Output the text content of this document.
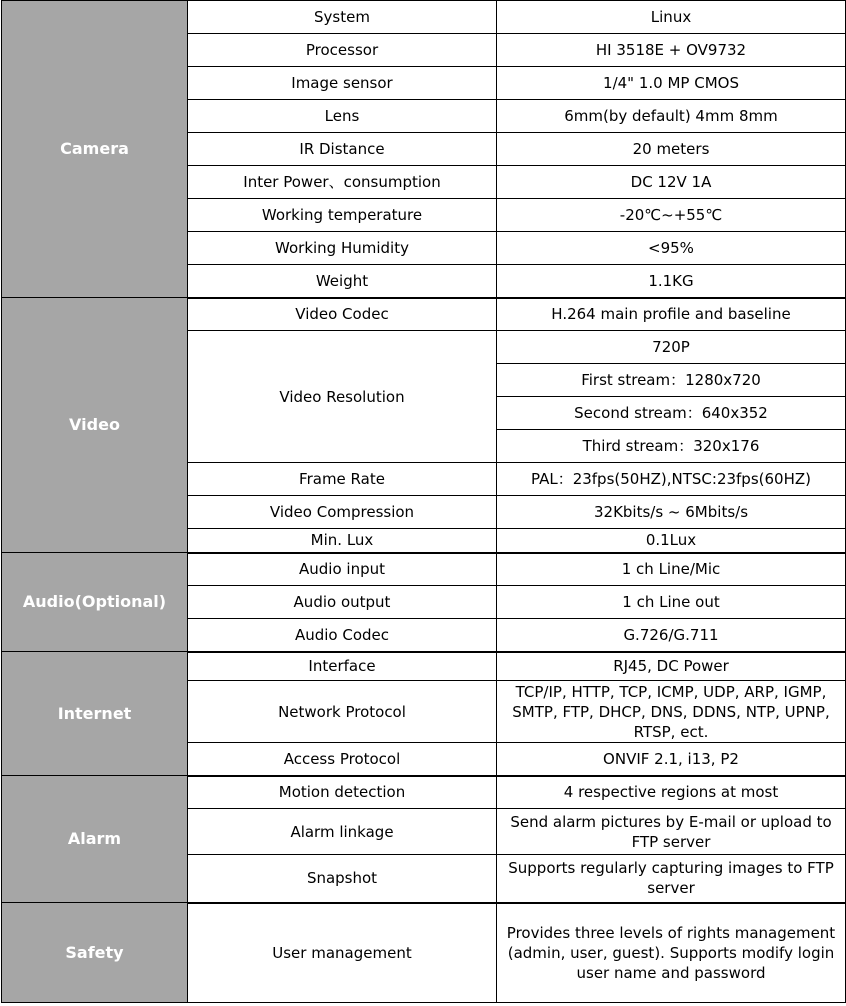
Camera	System	Linux
	Processor	HI 3518E + OV9732
	Image sensor	1/4" 1.0 MP CMOS
	Lens	6mm(by default) 4mm 8mm
	IR Distance	20 meters
	Inter Power、consumption	DC 12V 1A
	Working temperature	-20℃~+55℃
	Working Humidity	<95%
	Weight	1.1KG
Video	Video Codec	H.264 main profile and baseline
	Video Resolution	720P
		First stream：1280x720
		Second stream：640x352
		Third stream：320x176
	Frame Rate	PAL：23fps(50HZ),NTSC:23fps(60HZ)
	Video Compression	32Kbits/s ~ 6Mbits/s
	Min. Lux	0.1Lux
Audio(Optional)	Audio input	1 ch Line/Mic
	Audio output	1 ch Line out
	Audio Codec	G.726/G.711
Internet	Interface	RJ45, DC Power
	Network Protocol	TCP/IP, HTTP, TCP, ICMP, UDP, ARP, IGMP, SMTP, FTP, DHCP, DNS, DDNS, NTP, UPNP, RTSP, ect.
	Access Protocol	ONVIF 2.1, i13, P2
Alarm	Motion detection	4 respective regions at most
	Alarm linkage	Send alarm pictures by E-mail or upload to FTP server
	Snapshot	Supports regularly capturing images to FTP server
Safety	User management	Provides three levels of rights management (admin, user, guest). Supports modify login user name and password
